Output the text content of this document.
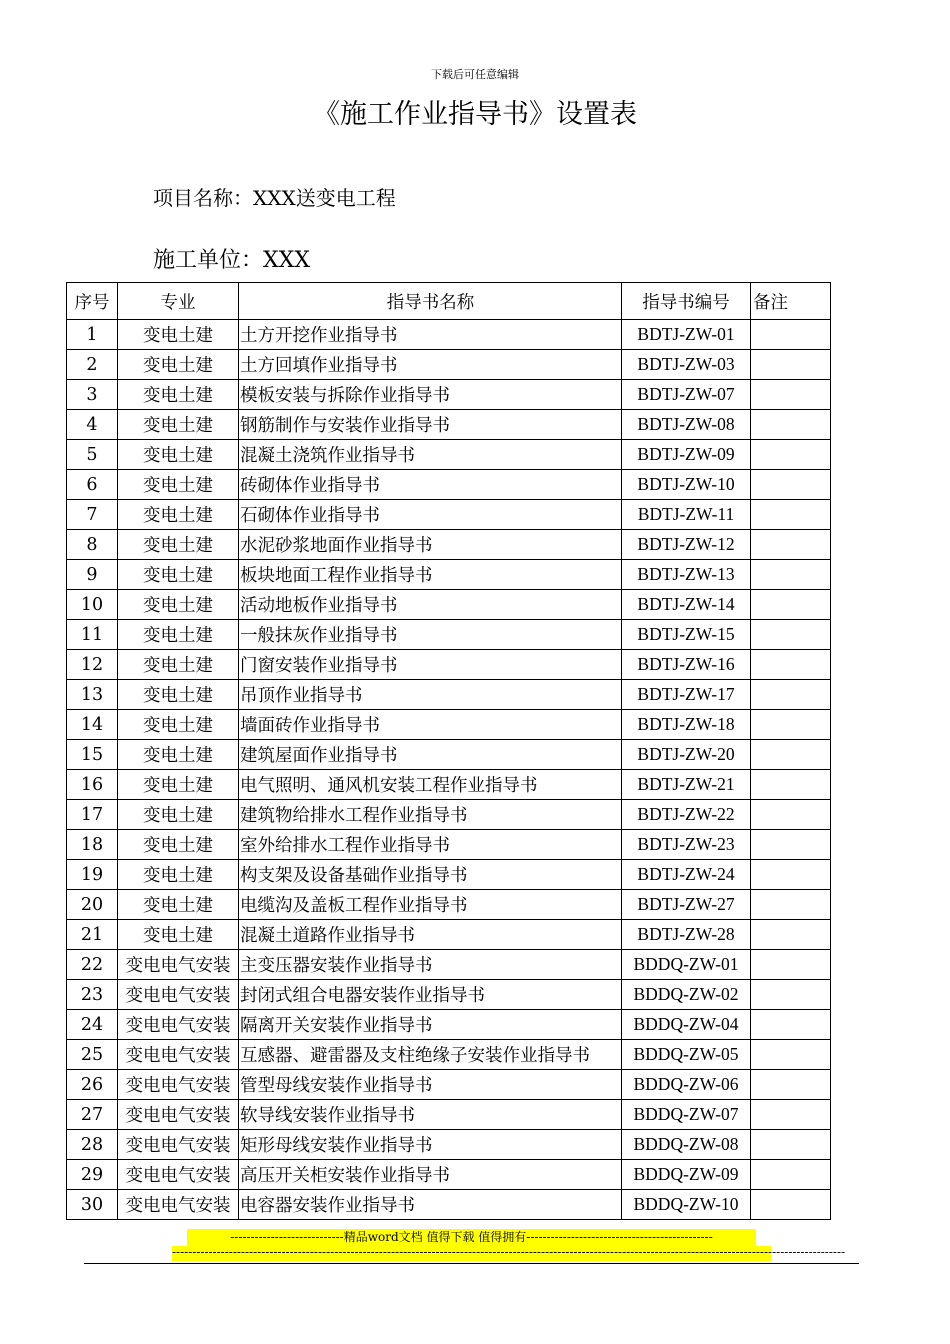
下载后可任意编辑
《施工作业指导书》设置表
项目名称：XXX送变电工程
施工单位：XXX
序号	专业	指导书名称	指导书编号	备注
1	变电土建	土方开挖作业指导书	BDTJ-ZW-01	
2	变电土建	土方回填作业指导书	BDTJ-ZW-03	
3	变电土建	模板安装与拆除作业指导书	BDTJ-ZW-07	
4	变电土建	钢筋制作与安装作业指导书	BDTJ-ZW-08	
5	变电土建	混凝土浇筑作业指导书	BDTJ-ZW-09	
6	变电土建	砖砌体作业指导书	BDTJ-ZW-10	
7	变电土建	石砌体作业指导书	BDTJ-ZW-11	
8	变电土建	水泥砂浆地面作业指导书	BDTJ-ZW-12	
9	变电土建	板块地面工程作业指导书	BDTJ-ZW-13	
10	变电土建	活动地板作业指导书	BDTJ-ZW-14	
11	变电土建	一般抹灰作业指导书	BDTJ-ZW-15	
12	变电土建	门窗安装作业指导书	BDTJ-ZW-16	
13	变电土建	吊顶作业指导书	BDTJ-ZW-17	
14	变电土建	墙面砖作业指导书	BDTJ-ZW-18	
15	变电土建	建筑屋面作业指导书	BDTJ-ZW-20	
16	变电土建	电气照明、通风机安装工程作业指导书	BDTJ-ZW-21	
17	变电土建	建筑物给排水工程作业指导书	BDTJ-ZW-22	
18	变电土建	室外给排水工程作业指导书	BDTJ-ZW-23	
19	变电土建	构支架及设备基础作业指导书	BDTJ-ZW-24	
20	变电土建	电缆沟及盖板工程作业指导书	BDTJ-ZW-27	
21	变电土建	混凝土道路作业指导书	BDTJ-ZW-28	
22	变电电气安装	主变压器安装作业指导书	BDDQ-ZW-01	
23	变电电气安装	封闭式组合电器安装作业指导书	BDDQ-ZW-02	
24	变电电气安装	隔离开关安装作业指导书	BDDQ-ZW-04	
25	变电电气安装	互感器、避雷器及支柱绝缘子安装作业指导书	BDDQ-ZW-05	
26	变电电气安装	管型母线安装作业指导书	BDDQ-ZW-06	
27	变电电气安装	软导线安装作业指导书	BDDQ-ZW-07	
28	变电电气安装	矩形母线安装作业指导书	BDDQ-ZW-08	
29	变电电气安装	高压开关柜安装作业指导书	BDDQ-ZW-09	
30	变电电气安装	电容器安装作业指导书	BDDQ-ZW-10	
----------------------------精品word文档 值得下载 值得拥有----------------------------------------------
----------------------------------------------------------------------------------------------------------------------------------------------------------------------
